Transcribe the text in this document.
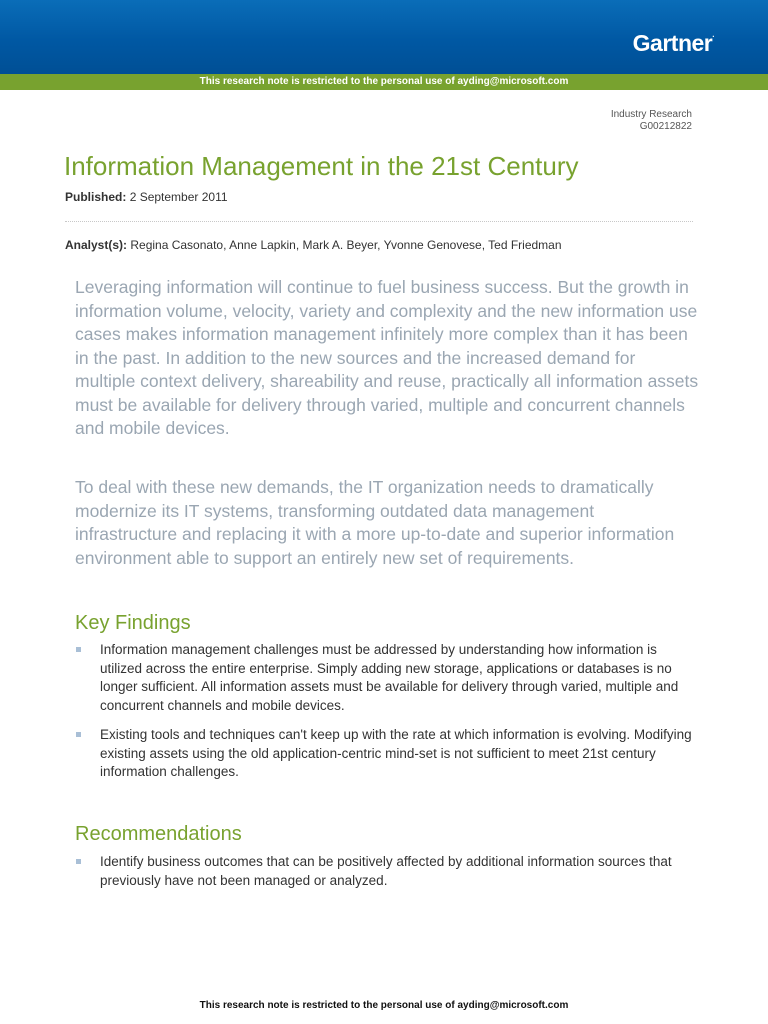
Gartner.
This research note is restricted to the personal use of ayding@microsoft.com
Industry Research
G00212822
Information Management in the 21st Century
Published: 2 September 2011
Analyst(s): Regina Casonato, Anne Lapkin, Mark A. Beyer, Yvonne Genovese, Ted Friedman

Leveraging information will continue to fuel business success. But the growth in information volume, velocity, variety and complexity and the new information use cases makes information management infinitely more complex than it has been in the past. In addition to the new sources and the increased demand for multiple context delivery, shareability and reuse, practically all information assets must be available for delivery through varied, multiple and concurrent channels and mobile devices.

To deal with these new demands, the IT organization needs to dramatically modernize its IT systems, transforming outdated data management infrastructure and replacing it with a more up-to-date and superior information environment able to support an entirely new set of requirements.

Key Findings
Information management challenges must be addressed by understanding how information is utilized across the entire enterprise. Simply adding new storage, applications or databases is no longer sufficient. All information assets must be available for delivery through varied, multiple and concurrent channels and mobile devices.
Existing tools and techniques can't keep up with the rate at which information is evolving. Modifying existing assets using the old application-centric mind-set is not sufficient to meet 21st century information challenges.
Recommendations
Identify business outcomes that can be positively affected by additional information sources that previously have not been managed or analyzed.
This research note is restricted to the personal use of ayding@microsoft.com
